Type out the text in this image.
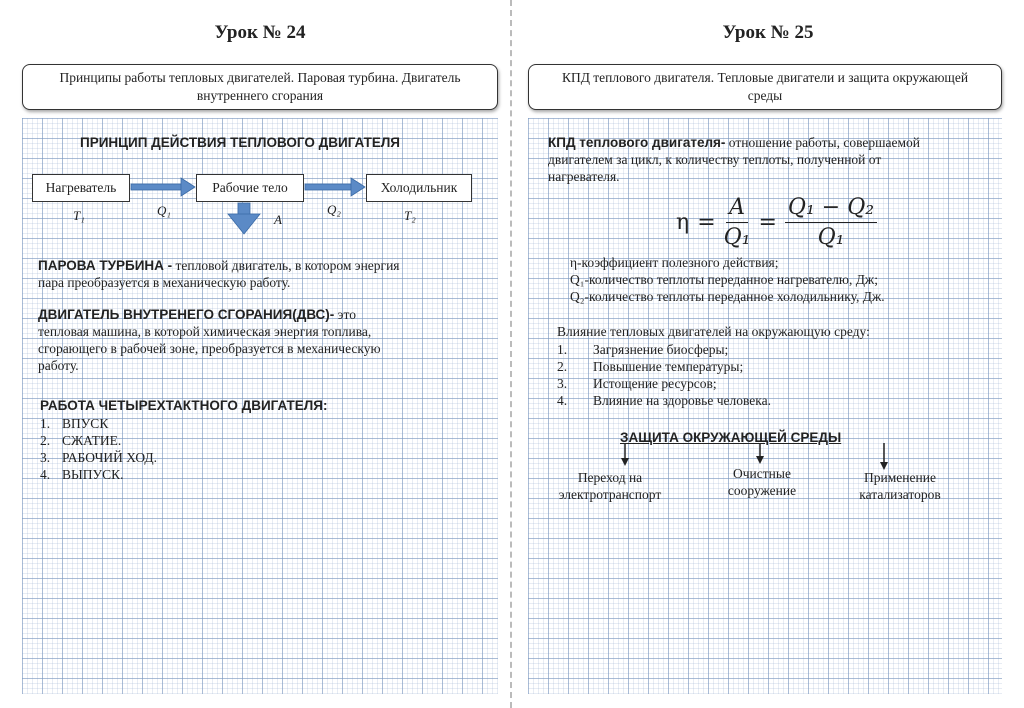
Урок № 24
Принципы работы тепловых двигателей. Паровая турбина. Двигатель внутреннего сгорания
ПРИНЦИП ДЕЙСТВИЯ ТЕПЛОВОГО ДВИГАТЕЛЯ
Нагреватель	Рабочие тело	Холодильник
T₁	Q₁
A
Q₂	T₂
ПАРОВА ТУРБИНА - тепловой двигатель, в котором энергия
пара преобразуется в механическую работу.
ДВИГАТЕЛЬ ВНУТРЕНЕГО СГОРАНИЯ(ДВС)- это
тепловая машина, в которой химическая энергия топлива,
сгорающего в рабочей зоне, преобразуется в механическую
работу.
РАБОТА ЧЕТЫРЕХТАКТНОГО ДВИГАТЕЛЯ:
1. ВПУСК
2. СЖАТИЕ.
3. РАБОЧИЙ ХОД.
4. ВЫПУСК.
Урок № 25
КПД теплового двигателя. Тепловые двигатели и защита окружающей среды
КПД теплового двигателя- отношение работы, совершаемой
двигателем за цикл, к количеству теплоты, полученной от
нагревателя.
$\eta = \frac{A}{\text{Q₁}} = \frac{\text{Q₁ − Q₂}}{\text{Q₁}}$
η-коэффициент полезного действия;
Q₁-количество теплоты переданное нагревателю, Дж;
Q₂-количество теплоты переданное холодильнику, Дж.
Влияние тепловых двигателей на окружающую среду:
1. Загрязнение биосферы;
2. Повышение температуры;
3. Истощение ресурсов;
4. Влияние на здоровье человека.
ЗАЩИТА ОКРУЖАЮЩЕЙ СРЕДЫ
Переход на
электротранспорт
Очистные
сооружение
Применение
катализаторов
